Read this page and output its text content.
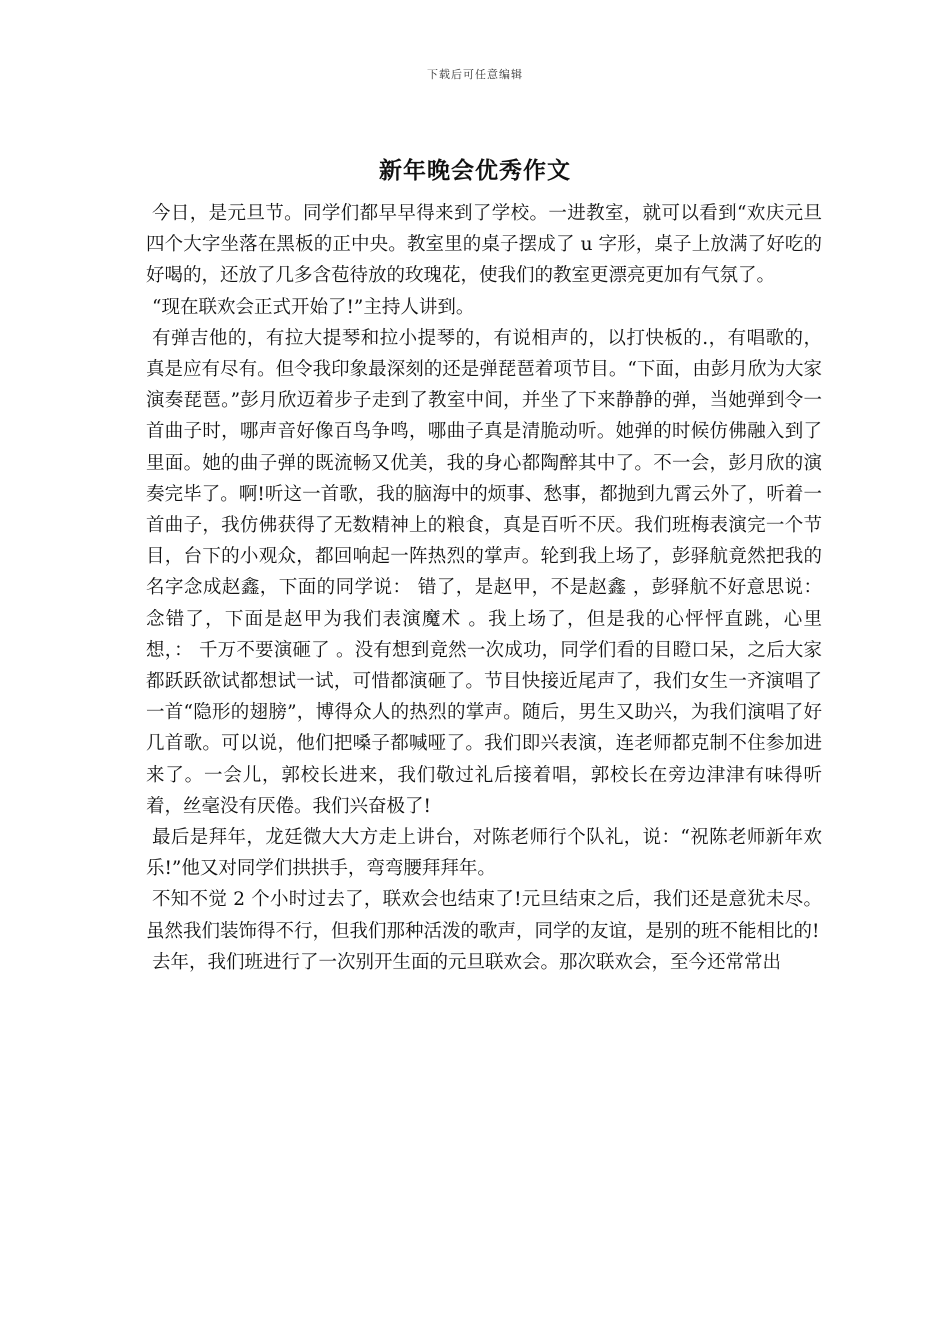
下载后可任意编辑
新年晚会优秀作文

今日，是元旦节。同学们都早早得来到了学校。一进教室，就可以看到“欢庆元旦 四个大字坐落在黑板的正中央。教室里的桌子摆成了 u 字形，桌子上放满了好吃的好喝的，还放了几多含苞待放的玫瑰花，使我们的教室更漂亮更加有气氛了。

“现在联欢会正式开始了!”主持人讲到。

有弹吉他的，有拉大提琴和拉小提琴的，有说相声的，以打快板的.，有唱歌的，真是应有尽有。但令我印象最深刻的还是弹琵琶着项节目。“下面，由彭月欣为大家演奏琵琶。”彭月欣迈着步子走到了教室中间，并坐了下来静静的弹，当她弹到令一首曲子时，哪声音好像百鸟争鸣，哪曲子真是清脆动听。她弹的时候仿佛融入到了里面。她的曲子弹的既流畅又优美，我的身心都陶醉其中了。不一会，彭月欣的演奏完毕了。啊!听这一首歌，我的脑海中的烦事、愁事，都抛到九霄云外了，听着一首曲子，我仿佛获得了无数精神上的粮食，真是百听不厌。我们班梅表演完一个节目，台下的小观众，都回响起一阵热烈的掌声。轮到我上场了，彭驿航竟然把我的名字念成赵鑫，下面的同学说： 错了，是赵甲，不是赵鑫 ，彭驿航不好意思说： 念错了，下面是赵甲为我们表演魔术 。我上场了，但是我的心怦怦直跳，心里想，： 千万不要演砸了 。没有想到竟然一次成功，同学们看的目瞪口呆，之后大家都跃跃欲试都想试一试，可惜都演砸了。节目快接近尾声了，我们女生一齐演唱了一首“隐形的翅膀”，博得众人的热烈的掌声。随后，男生又助兴，为我们演唱了好几首歌。可以说，他们把嗓子都喊哑了。我们即兴表演，连老师都克制不住参加进来了。一会儿，郭校长进来，我们敬过礼后接着唱，郭校长在旁边津津有味得听着，丝毫没有厌倦。我们兴奋极了!

最后是拜年，龙廷微大大方走上讲台，对陈老师行个队礼，说：“祝陈老师新年欢乐!”他又对同学们拱拱手，弯弯腰拜拜年。

不知不觉 2 个小时过去了，联欢会也结束了!元旦结束之后，我们还是意犹未尽。虽然我们装饰得不行，但我们那种活泼的歌声，同学的友谊，是别的班不能相比的!

去年，我们班进行了一次别开生面的元旦联欢会。那次联欢会，至今还常常出
